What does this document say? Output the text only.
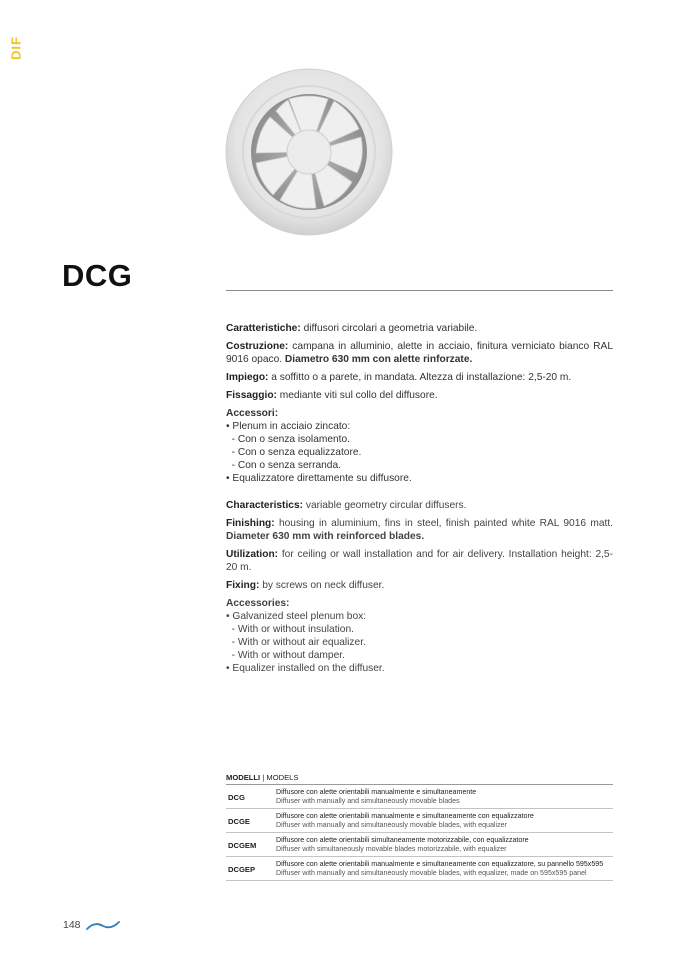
DIF
DCG

Caratteristiche: diffusori circolari a geometria variabile.

Costruzione: campana in alluminio, alette in acciaio, finitura verniciato bianco RAL 9016 opaco. Diametro 630 mm con alette rinforzate.

Impiego: a soffitto o a parete, in mandata. Altezza di installazione: 2,5-20 m.

Fissaggio: mediante viti sul collo del diffusore.

Accessori:
• Plenum in acciaio zincato:
- Con o senza isolamento.
- Con o senza equalizzatore.
- Con o senza serranda.
• Equalizzatore direttamente su diffusore.

Characteristics: variable geometry circular diffusers.

Finishing: housing in aluminium, fins in steel, finish painted white RAL 9016 matt. Diameter 630 mm with reinforced blades.

Utilization: for ceiling or wall installation and for air delivery. Installation height: 2,5-20 m.

Fixing: by screws on neck diffuser.

Accessories:
• Galvanized steel plenum box:
- With or without insulation.
- With or without air equalizer.
- With or without damper.
• Equalizer installed on the diffuser.
MODELLI | MODELS
DCG
Diffusore con alette orientabili manualmente e simultaneamente
Diffuser with manually and simultaneously movable blades
DCGE
Diffusore con alette orientabili manualmente e simultaneamente con equalizzatore
Diffuser with manually and simultaneously movable blades, with equalizer
DCGEM
Diffusore con alette orientabili simultaneamente motorizzabile, con equalizzatore
Diffuser with simultaneously movable blades motorizzabile, with equalizer
DCGEP
Diffusore con alette orientabili manualmente e simultaneamente con equalizzatore, su pannello 595x595
Diffuser with manually and simultaneously movable blades, with equalizer, made on 595x595 panel
148
